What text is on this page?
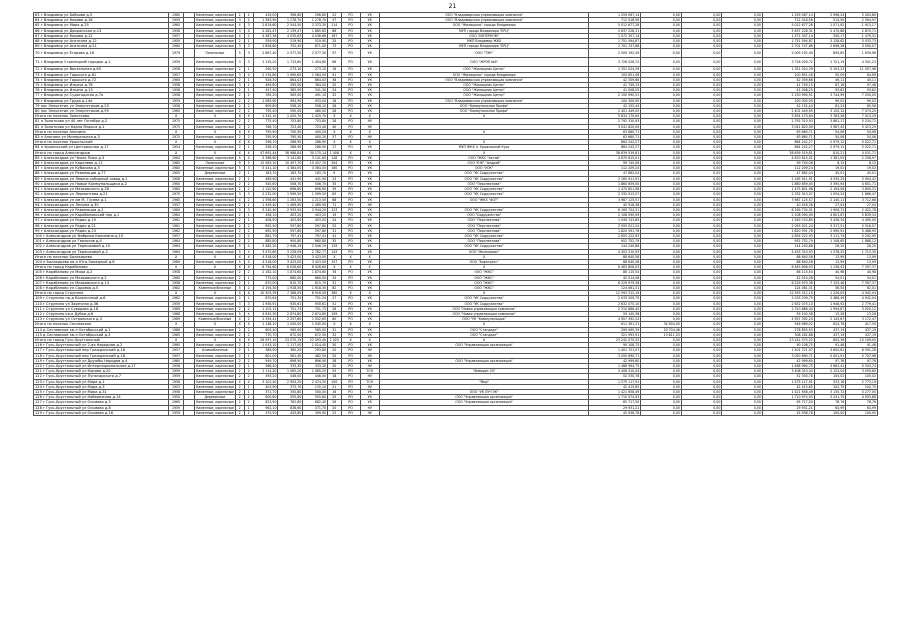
21
63 г Владимир ул Бобкова д.5	1960		Каменные, кирпичные	2	2	419,00	396,60	296,60	22	РО	УК	ООО "Владимирская управляющая компания"	1 259 067,14	0,00	0,00	0,00	1 259 067,14	2 998,24	5 404,80
64 г Владимир ул Кирова д.16	1959		Каменные, кирпичные	3	2	1 383,90	1 278,70	1 278,70	57	РО	УК	ООО "Владимирская управляющая компания"	712 018,56	0,00	0,00	0,00	712 018,56	514,50	2 564,97
65 г Владимир ул Мира д.25	1960		Каменные, кирпичные	4	3	2 819,60	2 544,50	2 373,30	114	РО	УК	ООО "Жилищник" города Владимира	5 012 677,28	0,00	0,00	0,00	5 012 677,28	1 071,92	1 913,17
66 г Владимир ул Дворянская д.13	1958		Каменные, кирпичные	3	4	2 281,47	2 139,47	1 865,65	88	РО	УК	МУП города Владимира "ЕРЦ"	5 637 228,31	0,00	0,00	0,00	5 637 228,31	2 470,88	2 870,71
67 г Владимир ул Кирова д.12	1957		Каменные, кирпичные	4	2	4 487,36	4 035,63	4 036,66	167	РО	УК	ООО "ИНТЕРКОМ"	1 572 307,14	0,00	0,00	0,00	1 572 307,14	350,17	1 479,31
68 г Владимир ул Асаткина д.12	1959		Каменные, кирпичные	2	1	559,90	519,90	519,90	25	РО	УК	МКП Владимир ЖКХ	1 751 594,87	0,00	0,00	0,00	1 751 594,87	3 128,62	5 033,73
69 г Владимир ул Асаткина д.21	1960		Каменные, кирпичные	3	3	1 856,60	752,40	871,00	73	РО	УК	МУП города Владимира "ЕРЦ"	2 701 747,86	0,00	0,00	0,00	2 701 747,86	2 698,28	3 090,07
70 г Владимир ул Егорова д.16	1979		Панельные	5	3	2 887,40	2 577,30	2 577,30	97	РО	УК	ООО "ТЭК"	2 009 192,49	0,00	0,00	0,00	2 009 192,49	695,85	1 639,96
71 г Владимир Стрелецкий городок д.1	1959		Каменные, кирпичные	3	3	2 145,20	1 713,60	1 454,60	66	РО	УК	ООО "ЖРЭП №9"	3 726 026,72	0,00	0,00	0,00	3 726 026,72	1 721,19	4 341,23
72 г Владимир ул Вокзальная д.65	1958		Каменные, кирпичные	2	1	290,50	273,10	273,10	16	РО	УК	ООО "Жилищник Центр"	1 351 024,39	0,00	0,00	0,00	1 351 024,39	5 103,23	11 057,96
73 г Владимир ул Горького д.61	1957		Каменные, кирпичные	3	4	2 134,80	1 990,60	1 564,00	91	РО	УК	ООО "Жилищник" города Владимира	100 651,46	0,00	0,00	0,00	100 651,46	50,09	84,99
74 г Владимир ул Горького д.72	1960		Каменные, кирпичные	2	1	926,30	864,03	864,03	38	РО	УК	ООО "Владимирская управляющая компания"	42 359,66	0,00	0,00	0,00	42 359,66	49,11	45,11
75 г Владимир ул Ильича д.7б	1958		Каменные, кирпичные	3	1	494,80	395,00	384,00	20	РО	УК	ООО "Жилищник Центр"	41 749,15	0,00	0,00	0,00	41 749,15	87,16	97,48
76 г Владимир ул Ильича д.13	1958		Каменные, кирпичные	2	1	447,40	385,90	341,30	24	РО	УК	ООО "Жилищник Центр"	41 008,25	0,00	0,00	0,00	41 008,25	93,62	93,62
77 г Владимир ул Судогодская д.7а	1958		Каменные, кирпичные	2	2	765,20	563,00	491,10	32	РО	УК	ООО "Жилищник Центр"	2 150 990,51	0,00	0,00	0,00	2 150 990,51	3 744,99	7 200,05
78 г Владимир ул Труда д.14а	1959		Каменные, кирпичные	2	2	1 085,90	994,90	933,00	18	РО	УК	ООО "Владимирская управляющая компания"	100 300,95	0,00	0,00	0,00	100 300,95	99,02	99,02
79 пос Энергетик ул Энергетиков д.20	1958		Каменные, кирпичные	2	2	609,80	558,10	558,10	28	РО	УК	ООО "Коммунальная Профи"	42 152,44	0,00	0,00	0,00	42 152,44	81,24	85,56
80 пос Энергетик ул Энергетиков д.95	1960		Каменные, кирпичные	2	2	795,40	590,00	480,00	28	РО	УК	ООО "Коммунальная Профи"	2 401 449,05	0,00	0,00	0,00	2 401 449,05	3 120,12	7 074,20
Итого по поселок Золотково	X		X	X	X	1 342,10	1 425,70	1 425,70	X	X	X	X	5 834 170,64	0,00	0,00	0,00	5 834 170,64	3 783,26	7 413,29
81 п Золотково ул 40 лет Октября д.2	1975		Каменные, кирпичные	2	2	775,40	753,80	753,80	28	РО	НУ		2 792 310,93	0,00	0,00	0,00	2 792 310,93	3 861,17	5 234,72
82 п Золотково ул Карла Маркса д.1	1975		Каменные, кирпичные	2	2	766,70	723,40	723,40	40	РО	НУ		3 041 820,09	0,00	0,00	0,00	3 041 820,09	3 987,43	5 413,29
Итого по поселок Анопино	X		X	X	X	795,90	700,50	400,20	X	X	X	X	63 660,71	0,00	0,00	0,00	63 660,71	54,06	54,06
83 п Анопино ул Минеральная д.3	1975		Каменные, кирпичные	2	2	795,90	795,50	400,20	37	РО	НУ		63 660,71	0,00	0,00	0,00	63 660,71	54,06	54,06
Итого по поселок Уршельский	X		X	X	X	296,10	286,90	286,90	X	X	X	X	864 242,27	0,00	0,00	0,00	864 242,27	2 979,12	5 022,71
84 п Уршельский ул Центральная д.17	1954		Каменные, кирпичные	2	1	296,10	286,90	286,90	17	РО	УК	МУП ЖКХ п. Уршельский Курс	864 242,27	0,00	0,00	0,00	864 242,27	2 979,12	5 022,71
Итого по город Александров	X		X	X	X	47 692,44	38 986,84	30 175,14	1 408	X	X	X	38 639 519,81	0,00	0,00	0,00	38 639 519,81	810,21	4 031,71
85 г Александров ул Чехла Пика д.3	1964		Каменные, кирпичные	5	4	3 368,60	3 141,60	3 141,60	128	РО	УК	ООО "ЖКС "Актив"	4 670 815,01	0,00	0,00	0,00	4 670 815,01	1 381,05	2 258,97
86 г Александров ул Королева д.11	1985		Панельные	9	5	12 583,10	10 457,70	10 457,70	294	РО	УК	ООО "ЕЖ" "Андрей"	99 740,06	0,00	0,00	0,00	99 740,06	8,15	8,15
87 г Александров ул Кубасова д.5	1980		Каменные, кирпичные	5	3	5 441,10	4 384,00	4 384,00	160	РО	УК	ООО "УОК"	112 209,24	0,00	0,00	0,00	112 209,24	19,02	19,02
88 г Александров ул Революции д.77	1905		Деревянные	2	1	183,70	183,70	183,70	9	РО	УК	ООО "УК Содружество"	47 862,04	0,00	0,00	0,00	47 862,04	45,01	45,01
89 г Александров ул Левоче-соборный завод д.1	1906		Каменные, кирпичные	2	1	489,90	441,90	441,90	23	РО	УК	ООО "УК Содружество"	2 165 911,91	0,00	0,00	0,00	2 165 911,91	4 535,29	5 904,42
90 г Александров ул Новые Коммунальщики д.2	1960		Каменные, кирпичные	2	2	545,60	506,70	506,70	35	РО	УК	ООО "Перспектива"	1 860 659,00	0,00	0,00	0,00	1 860 659,00	3 395,94	4 651,71
91 г Александров ул Маяковского д.28	1960		Каменные, кирпичные	2	2	1 120,60	696,60	696,60	39	РО	УК	ООО "УК Содружество"	1 475 801,98	0,00	0,00	0,00	1 475 801,98	2 194,08	3 800,31
92 г Александров ул Лермонтова д.21	1970		Каменные, кирпичные	3	3	2 232,00	1 599,50	1 599,50	63	РО	УК	ООО "УК Содружество"	2 332 913,07	0,00	0,00	0,00	2 332 913,07	1 054,24	1 866,47
93 г Александров ул им М. Гусева д.1	1960		Каменные, кирпичные	4	2	1 398,60	1 263,50	1 213,50	68	РО	УК	ООО "ЖКХ "Ф3Т"	3 987 125,57	0,00	0,00	0,00	3 987 125,57	2 140,11	3 712,68
94 г Александров ул Ленина д.30	1957		Каменные, кирпичные	2	1	1 449,40	1 469,90	1 469,90	71	РО	НУ		40 918,38	0,00	0,00	0,00	40 918,38	27,04	27,04
95 г Александров ул Революции д.2	1960		Каменные, кирпичные	3	3	3 240,40	2 933,50	2 944,20	123	РО	УК	ООО "УК Содружество"	6 169 734,31	0,00	0,00	0,00	6 169 734,31	1 906,72	2 422,78
96 г Александров ул Карабановский пер д.1	1964		Каменные, кирпичные	2	1	458,10	403,20	403,20	19	РО	УК	ООО "Содружество"	2 108 090,09	0,00	0,00	0,00	2 108 090,09	4 601,67	5 839,34
97 г Александров ул Радио д.19	1961		Каменные, кирпичные	2	1	408,90	403,60	403,00	24	РО	УК	ООО "Перспектива"	1 549 743,85	0,00	0,00	0,00	1 549 743,85	3 436,34	4 495,00
98 г Александров ул Радио д.21	1961		Каменные, кирпичные	2	2	692,90	597,80	597,80	25	РО	УК	ООО "Перспектива"	2 093 021,24	0,00	0,00	0,00	2 093 021,24	3 317,51	5 516,57
99 г Александров ул Радио д.23	1962		Каменные, кирпичные	2	2	692,90	597,80	597,80	31	РО	УК	ООО "Перспектива"	1 820 591,76	0,00	0,00	0,00	1 820 591,76	2 990,91	5 468,95
100 г Александров ул Фабрики Калинина д.10	1957		Каменные, кирпичные	2	2	861,70	797,41	797,41	41	РО	УК	ООО "УК Содружество"	2 655 222,93	0,00	0,00	0,00	2 655 222,93	3 111,74	5 292,95
101 г Александров ул Геологов д.4	1964		Каменные, кирпичные	2	2	885,80	900,80	860,80	35	РО	УК	ООО "Перспектива"	952 752,79	0,00	0,00	0,00	952 752,79	1 108,65	1 868,12
102 г Александров ул Терешковой д.10	1964		Каменные, кирпичные	5	4	3 485,20	2 946,19	2 946,19	129	РО	УК	ООО "УК Содружество"	144 240,68	0,00	0,00	0,00	144 240,68	26,20	26,20
103 г Александров ул Терешковой д.2	1964		Каменные, кирпичные	5	4	3 470,60	3 228,09	2 782,77	143	РО	УК	ООО "Жилсервис"	4 453 310,93	0,00	0,00	0,00	4 453 310,93	1 378,25	1 713,30
Итого по поселок Балакирево	X		X	X	X	4 318,00	3 423,00	3 423,00	X	X	X	X	88 640,58	0,00	0,00	0,00	88 640,58	13,99	13,99
104 п Балакирево кв-л Юго-Западный д.6	1989		Каменные, кирпичные	5	4	4 318,00	3 423,00	3 423,00	157	РО	УК	ООО "Баратрасс"	88 640,58	0,00	0,00	0,00	88 640,58	13,99	13,99
Итого по город Карабаново	X		X	X	X	6 794,60	6 026,60	6 026,60	X	X	X	X	6 483 808,03	0,00	0,00	0,00	6 483 808,03	1 136,43	7 397,37
105 г Карабаново ул Мира д.2	1958		Каменные, кирпичные	2	2	2 182,10	1 874,60	1 874,60	78	РО	УК	ООО "ЖКС"	86 115,54	0,00	0,00	0,00	86 115,54	40,98	40,98
106 г Карабаново ул Маяковского д.2	1960		Каменные, кирпичные	2	1	775,00	680,00	680,00	34	РО	УК	ООО "ЖКС"	42 014,08	0,00	0,00	0,00	42 014,08	54,01	54,01
107 г Карабаново ул Маяковского д.14	1958		Каменные, кирпичные	2	1	870,00	815,70	815,70	32	РО	УК	ООО "ЖКС"	6 229 979,38	0,00	0,00	0,00	6 229 979,38	7 153,48	7 397,37
108 г Карабаново ул Садовая д.5	1982		Каменные/блочные	5	2	2 194,30	1 918,30	1 918,30	82	РО	УК	ООО "ЖКС"	124 061,31	0,00	0,00	0,00	124 061,31	56,54	62,01
Итого по город Струнино	X		X	X	X	10 303,39	7 386,09	6 916,09	380	X	X	X	12 593 312,19	0,00	0,00	0,00	12 593 312,19	1 226,05	4 942,04
109 г Струнино пр-д Больничный д.6	1962		Каменные, кирпичные	2	1	870,64	751,34	751,34	27	РО	УК	ООО "УК Содружество"	2 033 209,75	0,00	0,00	0,00	2 033 209,75	2 488,49	4 942,04
110 г Струнино ул Заречная д.36	1959		Каменные, кирпичные	3	3	1 956,91	930,61	930,61	51	РО	УК	ООО "УК Содружество"	2 632 075,10	0,00	0,00	0,00	2 632 075,10	1 948,92	2 779,41
111 г Струнино ул Суворова д.18	1969		Каменные, кирпичные	2	2	1 102,12	751,73	751,73	28	РО	УК	ООО "Новая управляющая компания"	2 310 886,40	0,00	0,00	0,00	2 310 886,40	1 994,87	3 020,12
112 г Струнино кв-л Дубки д.6	1968		Каменные, кирпичные	5	4	4 945,30	2 874,80	2 874,80	159	РО	УК	ООО "Новая управляющая компания"	59 140,38	0,00	0,00	0,00	59 140,38	13,26	13,26
113 г Струнино ул Островского д.3	1969		Каменные/блочные	4	2	2 394,41	2 257,80	1 552,65	60	РО	УК	ООО "УК "Коммунальщик"	4 957 392,24	0,00	0,00	0,00	4 957 392,24	2 143,67	3 172,47
Итого по поселок Сеславское	X		X	X	X	1 148,10	1 045,00	1 045,00	X	X	X	X	611 361,31	34 904,00	0,00	0,00	546 969,02	624,78	417,50
114 д Сеславское кв-л Октябрьский д.1	1986		Каменные, кирпичные	2	2	605,40	565,00	565,00	31	РО	УК	ООО "Стандарт"	299 560,39	20 704,46	0,00	0,00	278 855,93	437,19	437,19
115 д Сеславское кв-л Октябрьский д.3	1985		Каменные, кирпичные	2	2	770,70	672,50	672,50	32	РО	УК	ООО "Стандарт"	321 993,91	13 811,03	0,00	0,00	308 182,88	437,19	437,19
Итого по город Гусь-Хрустальный	X		X	X	X	26 097,10	23 070,19	22 093,40	1 025	X	X	X	23 242 075,32	0,00	0,00	0,00	23 242 075,32	802,36	10 109,00
116 г Гусь-Хрустальный ул 2-ая Народная д.2	1960		Каменные, кирпичные	2	2	1 043,10	1 117,00	1 014,40	30	РО	УК	ООО "Управляющая организация"	90 108,75	0,00	0,00	0,00	90 108,75	91,46	91,46
117 г Гусь-Хрустальный пер Гражданский д.16	1957		Шлакоблочные	2	1	389,90	360,20	293,80	20	РО	НУ		1 401 721,07	0,00	0,00	0,00	1 401 721,07	3 600,61	6 591,28
118 г Гусь-Хрустальный пер Гражданский д.18	1957		Каменные, кирпичные	2	1	601,00	561,40	482,50	20	РО	НУ		3 050 690,71	0,00	0,00	0,00	3 050 690,71	5 001,91	5 707,96
119 г Гусь-Хрустальный ул Дружбы Народов д.4	1960		Каменные, кирпичные	2	2	949,70	896,90	896,90	38	РО	УК	ООО "Управляющая организация"	42 999,60	0,00	0,00	0,00	42 999,60	97,76	97,76
120 г Гусь-Хрустальный ул Интернациональная д.17	1956		Каменные, кирпичные	2	1	366,40	333,30	333,30	20	РО	НУ		1 468 994,75	0,00	0,00	0,00	1 468 994,75	3 662,41	5 343,74
121 г Гусь-Хрустальный ул Кирова д.20	1959		Каменные, кирпичные	2	2	1 114,20	1 085,20	1 085,20	53	РО	ТСН	"Фаворит 20"	3 408 310,04	0,00	0,00	0,00	3 408 310,04	2 122,04	3 059,60
122 г Гусь-Хрустальный ул Луначарского д.7	1959		Каменные, кирпичные	2	2	493,20	446,00	446,00	18	РО	НУ		52 330,78	0,00	0,00	0,00	52 330,78	105,02	105,02
123 г Гусь-Хрустальный ул Мира д.1	1956		Каменные, кирпичные	4	4	3 101,40	2 954,20	2 474,30	100	РО	ТСН	"Мир"	1 575 117,91	0,00	0,00	0,00	1 575 117,91	533,18	2 773,19
124 г Гусь-Хрустальный ул Мира д.3	1953		Каменные, кирпичные	2	1	403,90	373,70	135,10	21	РО	НУ		42 415,85	0,00	0,00	0,00	42 415,85	102,75	102,75
125 г Гусь-Хрустальный ул Мира д.31	1958		Каменные, кирпичные	2	1	371,70	350,80	300,00	16	РО	УК	ООО "УК ЛУЧ ЭК"	1 421 658,49	0,00	0,00	0,00	1 421 658,49	3 135,72	5 277,00
126 г Гусь-Хрустальный ул Набережная д.14	1950		Деревянные	2	1	600,60	555,60	555,60	25	РО	УК	ООО "Управляющая организация"	1 710 974,93	0,00	0,00	0,00	1 710 974,93	3 241,75	4 093,88
127 г Гусь-Хрустальный ул Осьмова д.5	1960		Каменные, кирпичные	2	2	823,90	762,80	682,40	26	РО	УК	ООО "Управляющая организация"	65 717,50	0,00	0,00	0,00	65 717,50	78,76	78,76
128 г Гусь-Хрустальный ул Осьмова д.8	1959		Каменные, кирпичные	2	1	962,10	838,60	371,70	20	РО	НУ		29 931,21	0,00	0,00	0,00	29 931,21	64,99	64,99
129 г Гусь-Хрустальный ул Осьмова д.16	1959		Каменные, кирпичные	2	1	470,50	443,80	399,90	23	РО	НУ		45 938,78	0,00	0,00	0,00	45 938,78	100,00	100,00
